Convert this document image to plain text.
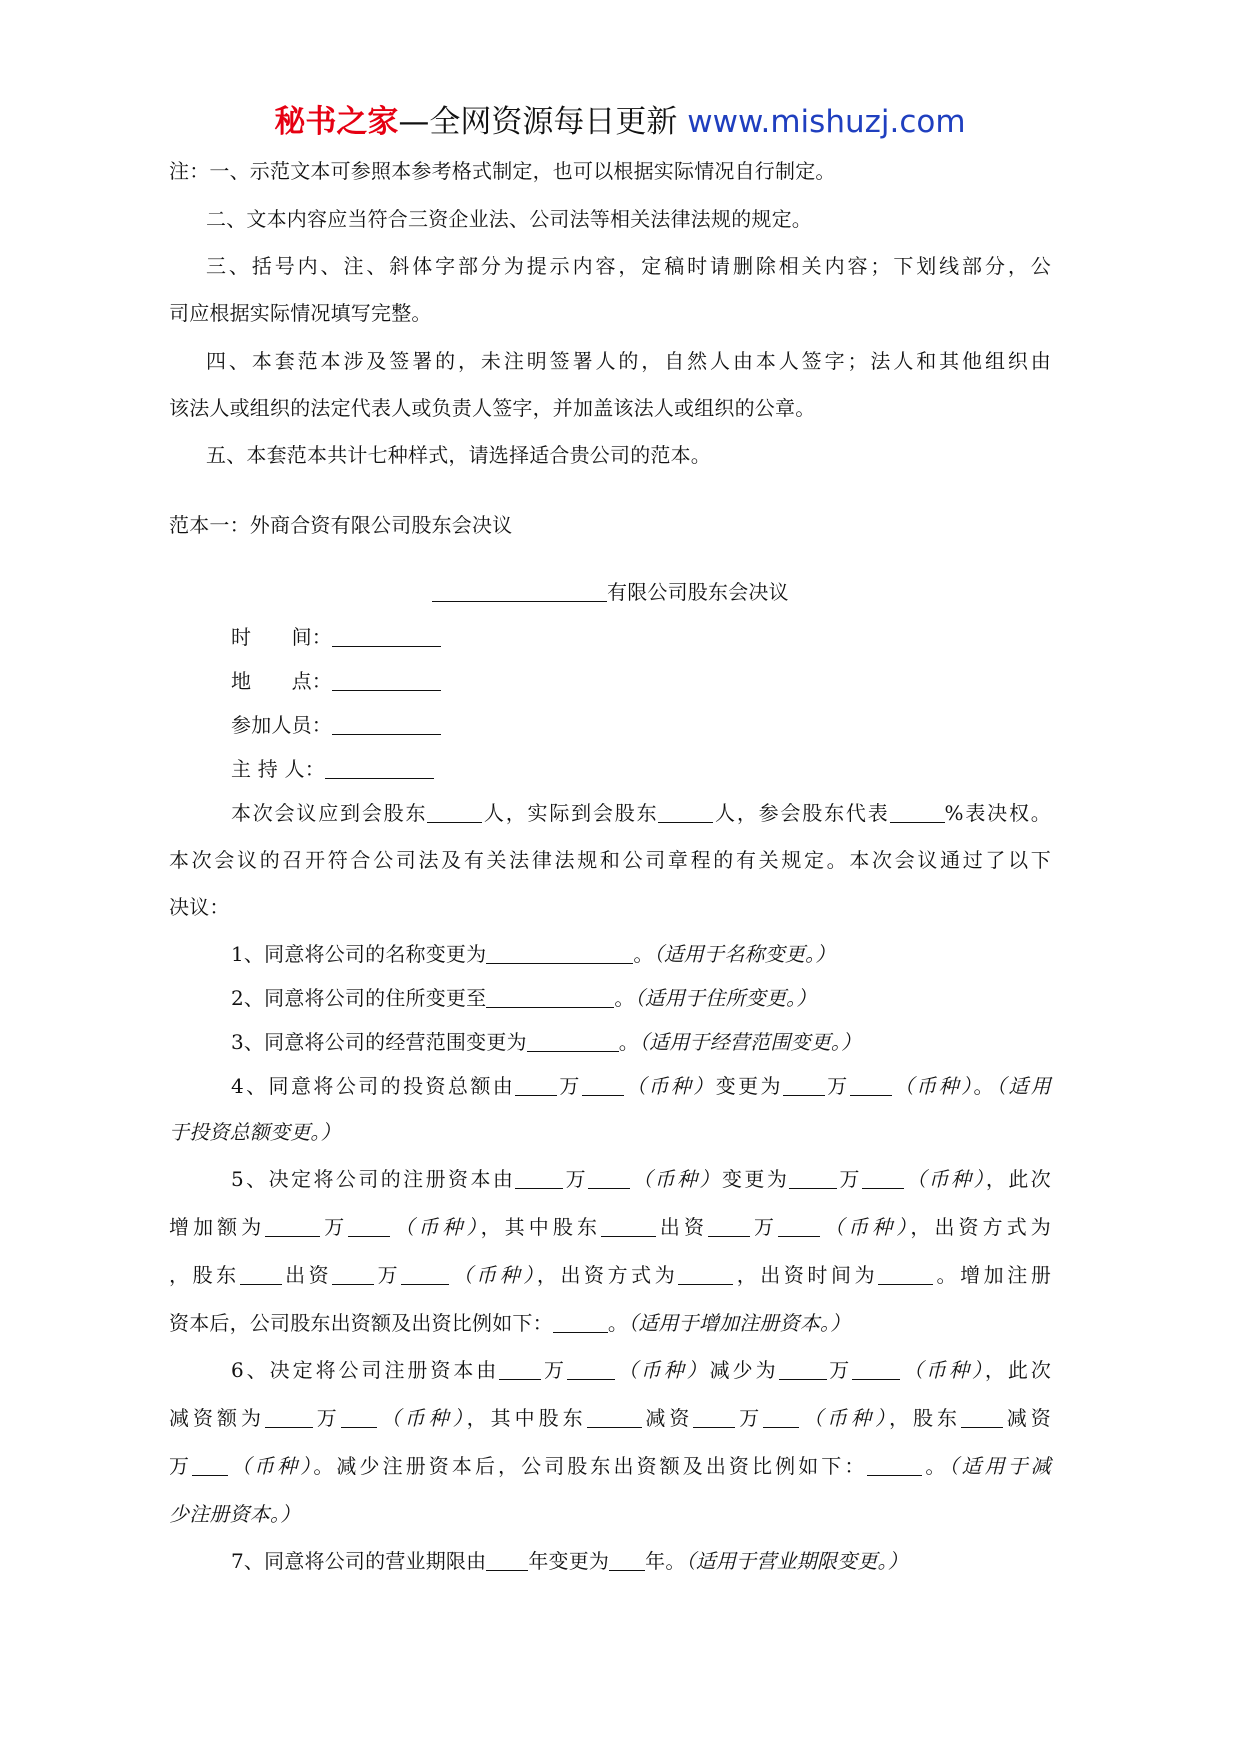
秘书之家—全网资源每日更新 www.mishuzj.com
注：一、示范文本可参照本参考格式制定，也可以根据实际情况自行制定。
二、文本内容应当符合三资企业法、公司法等相关法律法规的规定。
三、括号内、注、斜体字部分为提示内容，定稿时请删除相关内容；下划线部分，公
司应根据实际情况填写完整。
四、本套范本涉及签署的，未注明签署人的，自然人由本人签字；法人和其他组织由
该法人或组织的法定代表人或负责人签字，并加盖该法人或组织的公章。
五、本套范本共计七种样式，请选择适合贵公司的范本。
范本一：外商合资有限公司股东会决议
有限公司股东会决议
时　　间：
地　　点：
参加人员：
主 持 人：
本次会议应到会股东	人，实际到会股东	人，参会股东代表	%表决权。
本次会议的召开符合公司法及有关法律法规和公司章程的有关规定。本次会议通过了以下
决议：
1、同意将公司的名称变更为	。（适用于名称变更。）
2、同意将公司的住所变更至	。（适用于住所变更。）
3、同意将公司的经营范围变更为	。（适用于经营范围变更。）
4、同意将公司的投资总额由 万 （币种）变更为 万 （币种）。（适用
于投资总额变更。）
5、决定将公司的注册资本由 万 （币种）变更为 万 （币种），此次
增加额为	万 （币种），其中股东	出资 万 （币种），出资方式为
，股东 出资 万 （币种），出资方式为	，出资时间为	。增加注册
资本后，公司股东出资额及出资比例如下：	。（适用于增加注册资本。）
6、决定将公司注册资本由 万 （币种）减少为 万 （币种），此次
减资额为 万 （币种），其中股东	减资 万 （币种），股东 减资
万 （币种）。减少注册资本后，公司股东出资额及出资比例如下：	。（适用于减
少注册资本。）
7、同意将公司的营业期限由 年变更为 年。（适用于营业期限变更。）
